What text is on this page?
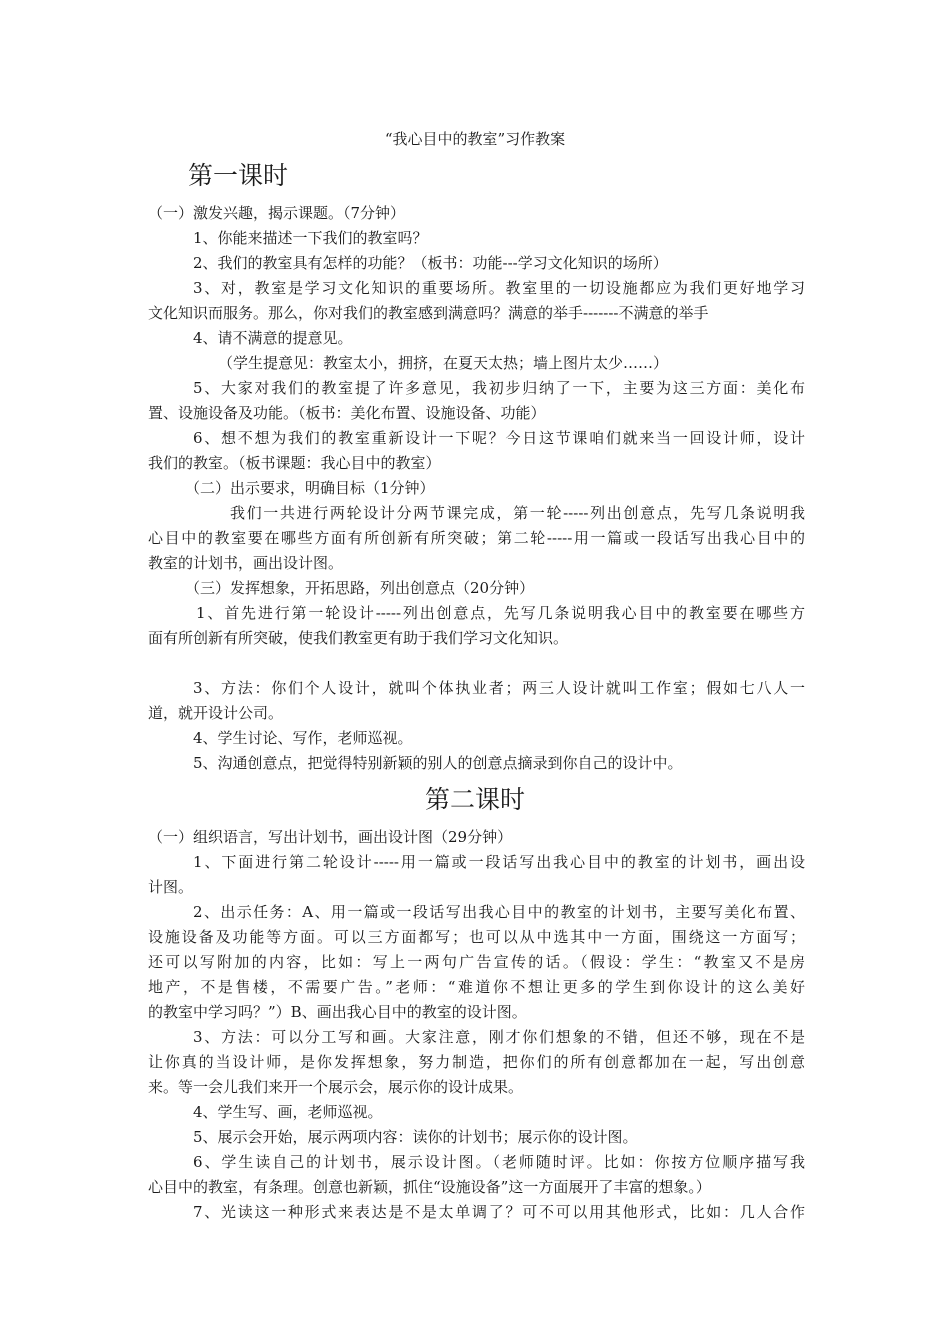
“我心目中的教室”习作教案
第一课时
（一）激发兴趣，揭示课题。（7分钟）
1、你能来描述一下我们的教室吗？
2、我们的教室具有怎样的功能？（板书：功能---学习文化知识的场所）
3、对，教室是学习文化知识的重要场所。教室里的一切设施都应为我们更好地学习
文化知识而服务。那么，你对我们的教室感到满意吗？满意的举手-------不满意的举手
4、请不满意的提意见。
（学生提意见：教室太小，拥挤，在夏天太热；墙上图片太少……）
5、大家对我们的教室提了许多意见，我初步归纳了一下，主要为这三方面：美化布
置、设施设备及功能。（板书：美化布置、设施设备、功能）
6、想不想为我们的教室重新设计一下呢？今日这节课咱们就来当一回设计师，设计
我们的教室。（板书课题：我心目中的教室）
（二）出示要求，明确目标（1分钟）
我们一共进行两轮设计分两节课完成，第一轮-----列出创意点，先写几条说明我
心目中的教室要在哪些方面有所创新有所突破；第二轮-----用一篇或一段话写出我心目中的
教室的计划书，画出设计图。
（三）发挥想象，开拓思路，列出创意点（20分钟）
1、首先进行第一轮设计-----列出创意点，先写几条说明我心目中的教室要在哪些方
面有所创新有所突破，使我们教室更有助于我们学习文化知识。
3、方法：你们个人设计，就叫个体执业者；两三人设计就叫工作室；假如七八人一
道，就开设计公司。
4、学生讨论、写作，老师巡视。
5、沟通创意点，把觉得特别新颖的别人的创意点摘录到你自己的设计中。
第二课时
（一）组织语言，写出计划书，画出设计图（29分钟）
1、下面进行第二轮设计-----用一篇或一段话写出我心目中的教室的计划书，画出设
计图。
2、出示任务：A、用一篇或一段话写出我心目中的教室的计划书，主要写美化布置、
设施设备及功能等方面。可以三方面都写；也可以从中选其中一方面，围绕这一方面写；
还可以写附加的内容，比如：写上一两句广告宣传的话。（假设：学生：“教室又不是房
地产，不是售楼，不需要广告。”老师：“难道你不想让更多的学生到你设计的这么美好
的教室中学习吗？”）B、画出我心目中的教室的设计图。
3、方法：可以分工写和画。大家注意，刚才你们想象的不错，但还不够，现在不是
让你真的当设计师，是你发挥想象，努力制造，把你们的所有创意都加在一起，写出创意
来。等一会儿我们来开一个展示会，展示你的设计成果。
4、学生写、画，老师巡视。
5、展示会开始，展示两项内容：读你的计划书；展示你的设计图。
6、学生读自己的计划书，展示设计图。（老师随时评。比如：你按方位顺序描写我
心目中的教室，有条理。创意也新颖，抓住“设施设备”这一方面展开了丰富的想象。）
7、光读这一种形式来表达是不是太单调了？可不可以用其他形式，比如：几人合作
